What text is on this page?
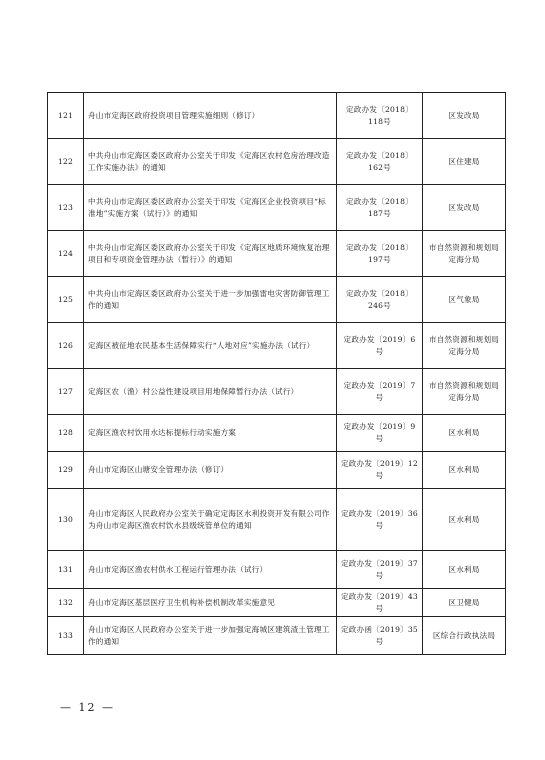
121	舟山市定海区政府投资项目管理实施细则（修订）	定政办发〔2018〕118号	区发改局
122	中共舟山市定海区委区政府办公室关于印发《定海区农村危房治理改造工作实施办法》的通知	定政办发〔2018〕162号	区住建局
123	中共舟山市定海区委区政府办公室关于印发《定海区企业投资项目“标准地”实施方案（试行）》的通知	定政办发〔2018〕187号	区发改局
124	中共舟山市定海区委区政府办公室关于印发《定海区地质环境恢复治理项目和专项资金管理办法（暂行）》的通知	定政办发〔2018〕197号	市自然资源和规划局定海分局
125	中共舟山市定海区委区政府办公室关于进一步加强雷电灾害防御管理工作的通知	定政办发〔2018〕246号	区气象局
126	定海区被征地农民基本生活保障实行“人地对应”实施办法（试行）	定政办发〔2019〕6号	市自然资源和规划局定海分局
127	定海区农（渔）村公益性建设项目用地保障暂行办法（试行）	定政办发〔2019〕7号	市自然资源和规划局定海分局
128	定海区渔农村饮用水达标提标行动实施方案	定政办发〔2019〕9号	区水利局
129	舟山市定海区山塘安全管理办法（修订）	定政办发〔2019〕12号	区水利局
130	舟山市定海区人民政府办公室关于确定定海区水利投资开发有限公司作为舟山市定海区渔农村饮水县级统管单位的通知	定政办发〔2019〕36号	区水利局
131	舟山市定海区渔农村供水工程运行管理办法（试行）	定政办发〔2019〕37号	区水利局
132	舟山市定海区基层医疗卫生机构补偿机制改革实施意见	定政办发〔2019〕43号	区卫健局
133	舟山市定海区人民政府办公室关于进一步加强定海城区建筑渣土管理工作的通知	定政办函〔2019〕35号	区综合行政执法局
— 12 —
